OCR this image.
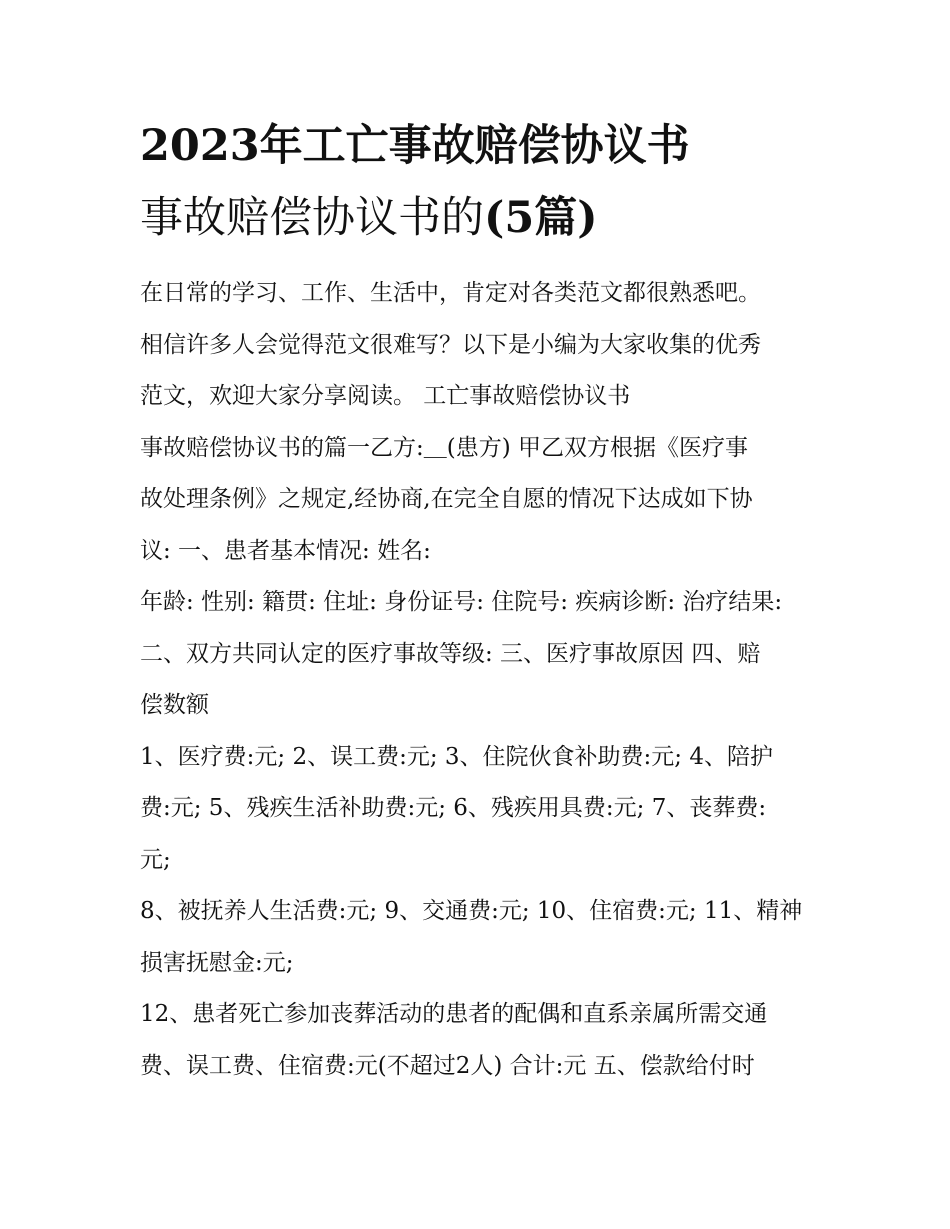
2023年工亡事故赔偿协议书
事故赔偿协议书的(5篇)

在日常的学习、工作、生活中，肯定对各类范文都很熟悉吧。
相信许多人会觉得范文很难写？以下是小编为大家收集的优秀
范文，欢迎大家分享阅读。 工亡事故赔偿协议书

事故赔偿协议书的篇一乙方:＿(患方) 甲乙双方根据《医疗事
故处理条例》之规定,经协商,在完全自愿的情况下达成如下协
议: 一、患者基本情况: 姓名:

年龄: 性别: 籍贯: 住址: 身份证号: 住院号: 疾病诊断: 治疗结果:
二、双方共同认定的医疗事故等级: 三、医疗事故原因 四、赔
偿数额

1、医疗费:元; 2、误工费:元; 3、住院伙食补助费:元; 4、陪护
费:元; 5、残疾生活补助费:元; 6、残疾用具费:元; 7、丧葬费:
元;

8、被抚养人生活费:元; 9、交通费:元; 10、住宿费:元; 11、精神
损害抚慰金:元;

12、患者死亡参加丧葬活动的患者的配偶和直系亲属所需交通
费、误工费、住宿费:元(不超过2人) 合计:元 五、偿款给付时
